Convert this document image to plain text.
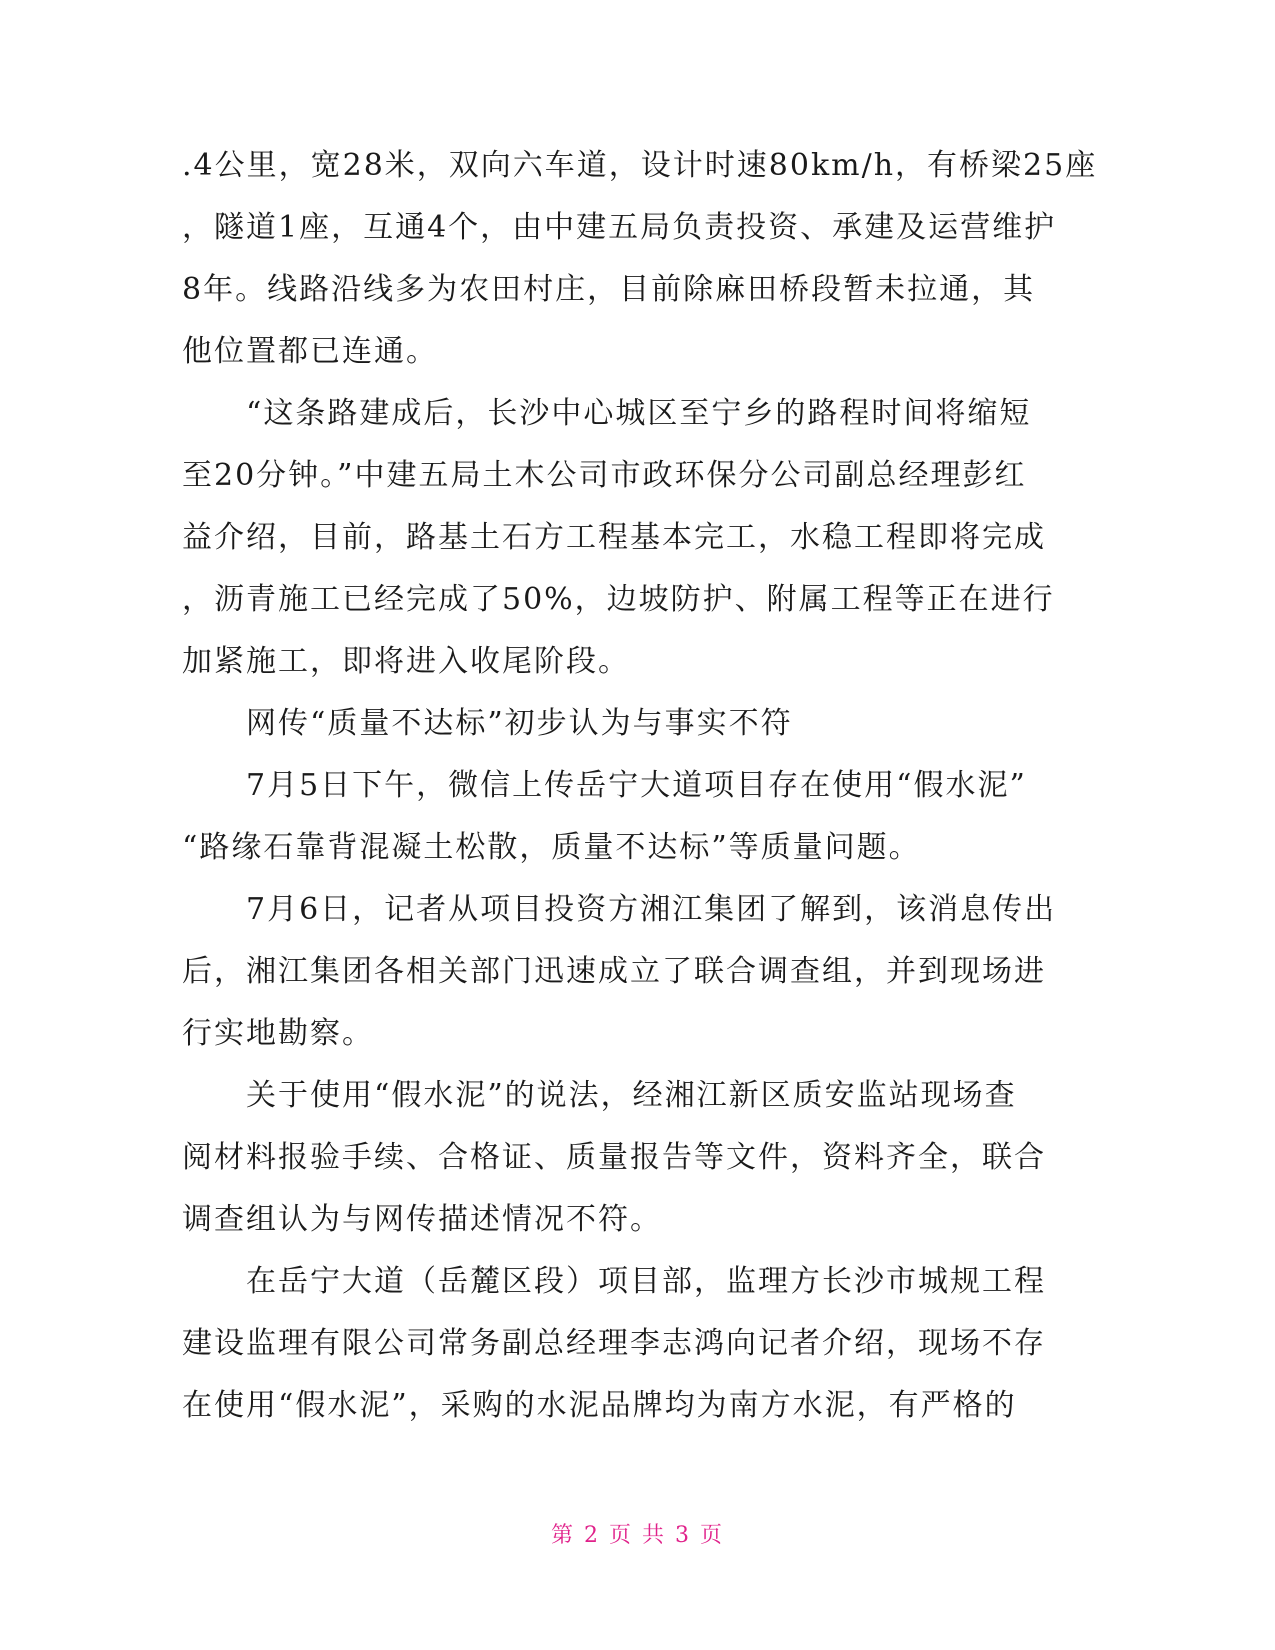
.4公里，宽28米，双向六车道，设计时速80km/h，有桥梁25座
，隧道1座，互通4个，由中建五局负责投资、承建及运营维护
8年。线路沿线多为农田村庄，目前除麻田桥段暂未拉通，其
他位置都已连通。
　　“这条路建成后，长沙中心城区至宁乡的路程时间将缩短
至20分钟。”中建五局土木公司市政环保分公司副总经理彭红
益介绍，目前，路基土石方工程基本完工，水稳工程即将完成
，沥青施工已经完成了50%，边坡防护、附属工程等正在进行
加紧施工，即将进入收尾阶段。
　　网传“质量不达标”初步认为与事实不符
　　7月5日下午，微信上传岳宁大道项目存在使用“假水泥”
“路缘石靠背混凝土松散，质量不达标”等质量问题。
　　7月6日，记者从项目投资方湘江集团了解到，该消息传出
后，湘江集团各相关部门迅速成立了联合调查组，并到现场进
行实地勘察。
　　关于使用“假水泥”的说法，经湘江新区质安监站现场查
阅材料报验手续、合格证、质量报告等文件，资料齐全，联合
调查组认为与网传描述情况不符。
　　在岳宁大道（岳麓区段）项目部，监理方长沙市城规工程
建设监理有限公司常务副总经理李志鸿向记者介绍，现场不存
在使用“假水泥”，采购的水泥品牌均为南方水泥，有严格的
第 2 页 共 3 页
